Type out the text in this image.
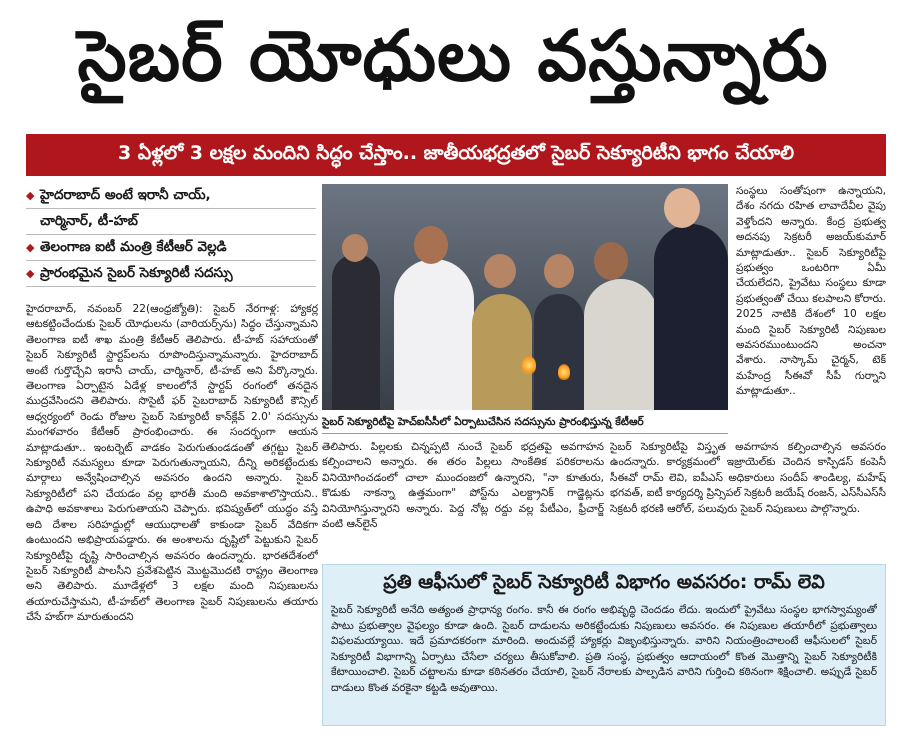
సైబర్ యోధులు వస్తున్నారు
3 ఏళ్లలో 3 లక్షల మందిని సిద్ధం చేస్తాం.. జాతీయభద్రతలో సైబర్ సెక్యూరిటీని భాగం చేయాలి
◆ హైదరాబాద్ అంటే ఇరానీ చాయ్,
చార్మినార్, టీ-హబ్
◆ తెలంగాణ ఐటీ మంత్రి కేటీఆర్ వెల్లడి
◆ ప్రారంభమైన సైబర్ సెక్యూరిటీ సదస్సు
హైదరాబాద్, నవంబర్ 22(ఆంధ్రజ్యోతి): సైబర్ నేరగాళ్ల: హ్యాకర్ల ఆటకట్టించేందుకు సైబర్ యోధులను (వారియర్స్‌ను) సిద్ధం చేస్తున్నామని తెలంగాణ ఐటీ శాఖ మంత్రి కేటీఆర్ తెలిపారు. టీ-హబ్ సహాయంతో సైబర్ సెక్యూరిటీ స్టార్టప్‌లను రూపొందిస్తున్నామన్నారు. హైదరాబాద్ అంటే గుర్తొచ్చేవి ఇరానీ చాయ్, చార్మినార్, టీ-హబ్ అని పేర్కొన్నారు. తెలంగాణ ఏర్పాటైన ఏడేళ్ల కాలంలోనే స్టార్టప్ రంగంలో తనదైన ముద్రవేసిందని తెలిపారు. సొసైటీ ఫర్ సైబరాబాద్ సెక్యూరిటీ కౌన్సిల్ ఆధ్వర్యంలో రెండు రోజుల సైబర్ సెక్యూరిటీ కాన్‌క్లేవ్ 2.0' సదస్సును మంగళవారం కేటీఆర్ ప్రారంభించారు. ఈ సందర్భంగా ఆయన మాట్లాడుతూ.. ఇంటర్నెట్ వాడకం పెరుగుతుండడంతో తగ్గట్టు సైబర్ సెక్యూరిటీ నమస్యలు కూడా పెరుగుతున్నాయని, దీన్ని అరికట్టేందుకు మార్గాలు అన్వేషించాల్సిన అవసరం ఉందని అన్నారు. సైబర్ సెక్యూరిటీలో పని చేయడం వల్ల భారతీ మంది అవకాశాలొస్తాయని.. ఉపాధి అవకాశాలు పెరుగుతాయని చెప్పారు. భవిష్యత్‌లో యుద్ధం వస్తే అది దేశాల సరిహద్దుల్లో ఆయుధాలతో కాకుండా సైబర్ వేదికగా ఉంటుందని అభిప్రాయపడ్డారు. ఈ అంశాలను దృష్టిలో పెట్టుకుని సైబర్ సెక్యూరిటీపై దృష్టి సారించాల్సిన అవసరం ఉందన్నారు. భారతదేశంలో సైబర్ సెక్యూరిటీ పాలసీని ప్రవేశపెట్టిన మొట్టమొదటి రాష్ట్రం తెలంగాణ అని తెలిపారు. మూడేళ్లలో 3 లక్షల మంది నిపుణులను తయారుచేస్తామని, టీ-హబ్‌లో తెలంగాణ సైబర్ నిపుణులను తయారు చేసే హబ్‌గా మారుతుందని
సైబర్ సెక్యూరిటీపై హెచ్‌ఐసీసీలో ఏర్పాటుచేసిన సదస్సును ప్రారంభిస్తున్న కేటీఆర్
సంస్థలు సంతోషంగా ఉన్నాయని, దేశం నగదు రహిత లావాదేవీల వైపు వెళ్తోందని అన్నారు. కేంద్ర ప్రభుత్వ అదనపు సెక్రటరీ అజయ్‌కుమార్ మాట్లాడుతూ.. సైబర్ సెక్యూరిటీపై ప్రభుత్వం ఒంటరిగా ఏమీ చేయలేదని, ప్రైవేటు సంస్థలు కూడా ప్రభుత్వంతో చేయి కలపాలని కోరారు. 2025 నాటికి దేశంలో 10 లక్షల మంది సైబర్ సెక్యూరిటీ నిపుణుల అవసరముంటుందని అంచనా వేశారు. నాస్కామ్ చైర్మన్, టెక్ మహేంద్ర సీఈవో సీపీ గుర్నాని మాట్లాడుతూ..
తెలిపారు. పిల్లలకు చిన్నప్పటి నుంచే సైబర్ భద్రతపై అవగాహన కల్పించాలని అన్నారు. ఈ తరం పిల్లలు సాంకేతిక పరికరాలను వినియోగించడంలో చాలా ముందంజలో ఉన్నారని, "నా కూతురు, కొడుకు నాకన్నా ఉత్తమంగా" పోస్ట్‌ను ఎలక్ట్రానిక్ గాడ్జెట్లను వినియోగిస్తున్నారని అన్నారు. పెద్ద నోట్ల రద్దు వల్ల పేటీఎం, ఫ్రీచార్జ్ వంటి ఆన్‌లైన్
సైబర్ సెక్యూరిటీపై విస్తృత అవగాహన కల్పించాల్సిన అవసరం ఉందన్నారు. కార్యక్రమంలో ఇజ్రాయెల్‌కు చెందిన కాస్పిడస్ కంపెనీ సీఈవో రామ్ లెవి, ఐపీఎస్ అధికారులు సందీప్ శాండిల్య, మహేష్ భగవత్, ఐటీ కార్యదర్శి ప్రిన్సిపల్ సెక్రటరీ జయేష్ రంజన్, ఎస్‌సీఎస్‌సీ సెక్రటరీ భరణి ఆరోల్, పలువురు సైబర్ నిపుణులు పాల్గొన్నారు.
ప్రతి ఆఫీసులో సైబర్ సెక్యూరిటీ విభాగం అవసరం: రామ్ లెవి
సైబర్ సెక్యూరిటీ అనేది అత్యంత ప్రాధాన్య రంగం. కానీ ఈ రంగం అభివృద్ధి చెందడం లేదు. ఇందులో ప్రైవేటు సంస్థల భాగస్వామ్యంతో పాటు ప్రభుత్వాల వైఫల్యం కూడా ఉంది. సైబర్ దాడులను అరికట్టేందుకు నిపుణులు అవసరం. ఈ నిపుణుల తయారీలో ప్రభుత్వాలు విఫలమయ్యాయి. ఇదే ప్రమాదకరంగా మారింది. అందువల్లే హ్యాకర్లు విజృంభిస్తున్నారు. వారిని నియంత్రించాలంటే ఆఫీసులలో సైబర్ సెక్యూరిటీ విభాగాన్ని ఏర్పాటు చేసేలా చర్యలు తీసుకోవాలి. ప్రతి సంస్థ, ప్రభుత్వం ఆదాయంలో కొంత మొత్తాన్ని సైబర్ సెక్యూరిటీకి కేటాయించాలి. సైబర్ చట్టాలను కూడా కఠినతరం చేయాలి, సైబర్ నేరాలకు పాల్పడిన వారిని గుర్తించి కఠినంగా శిక్షించాలి. అప్పుడే సైబర్ దాడులు కొంత వరకైనా కట్టడి అవుతాయి.
